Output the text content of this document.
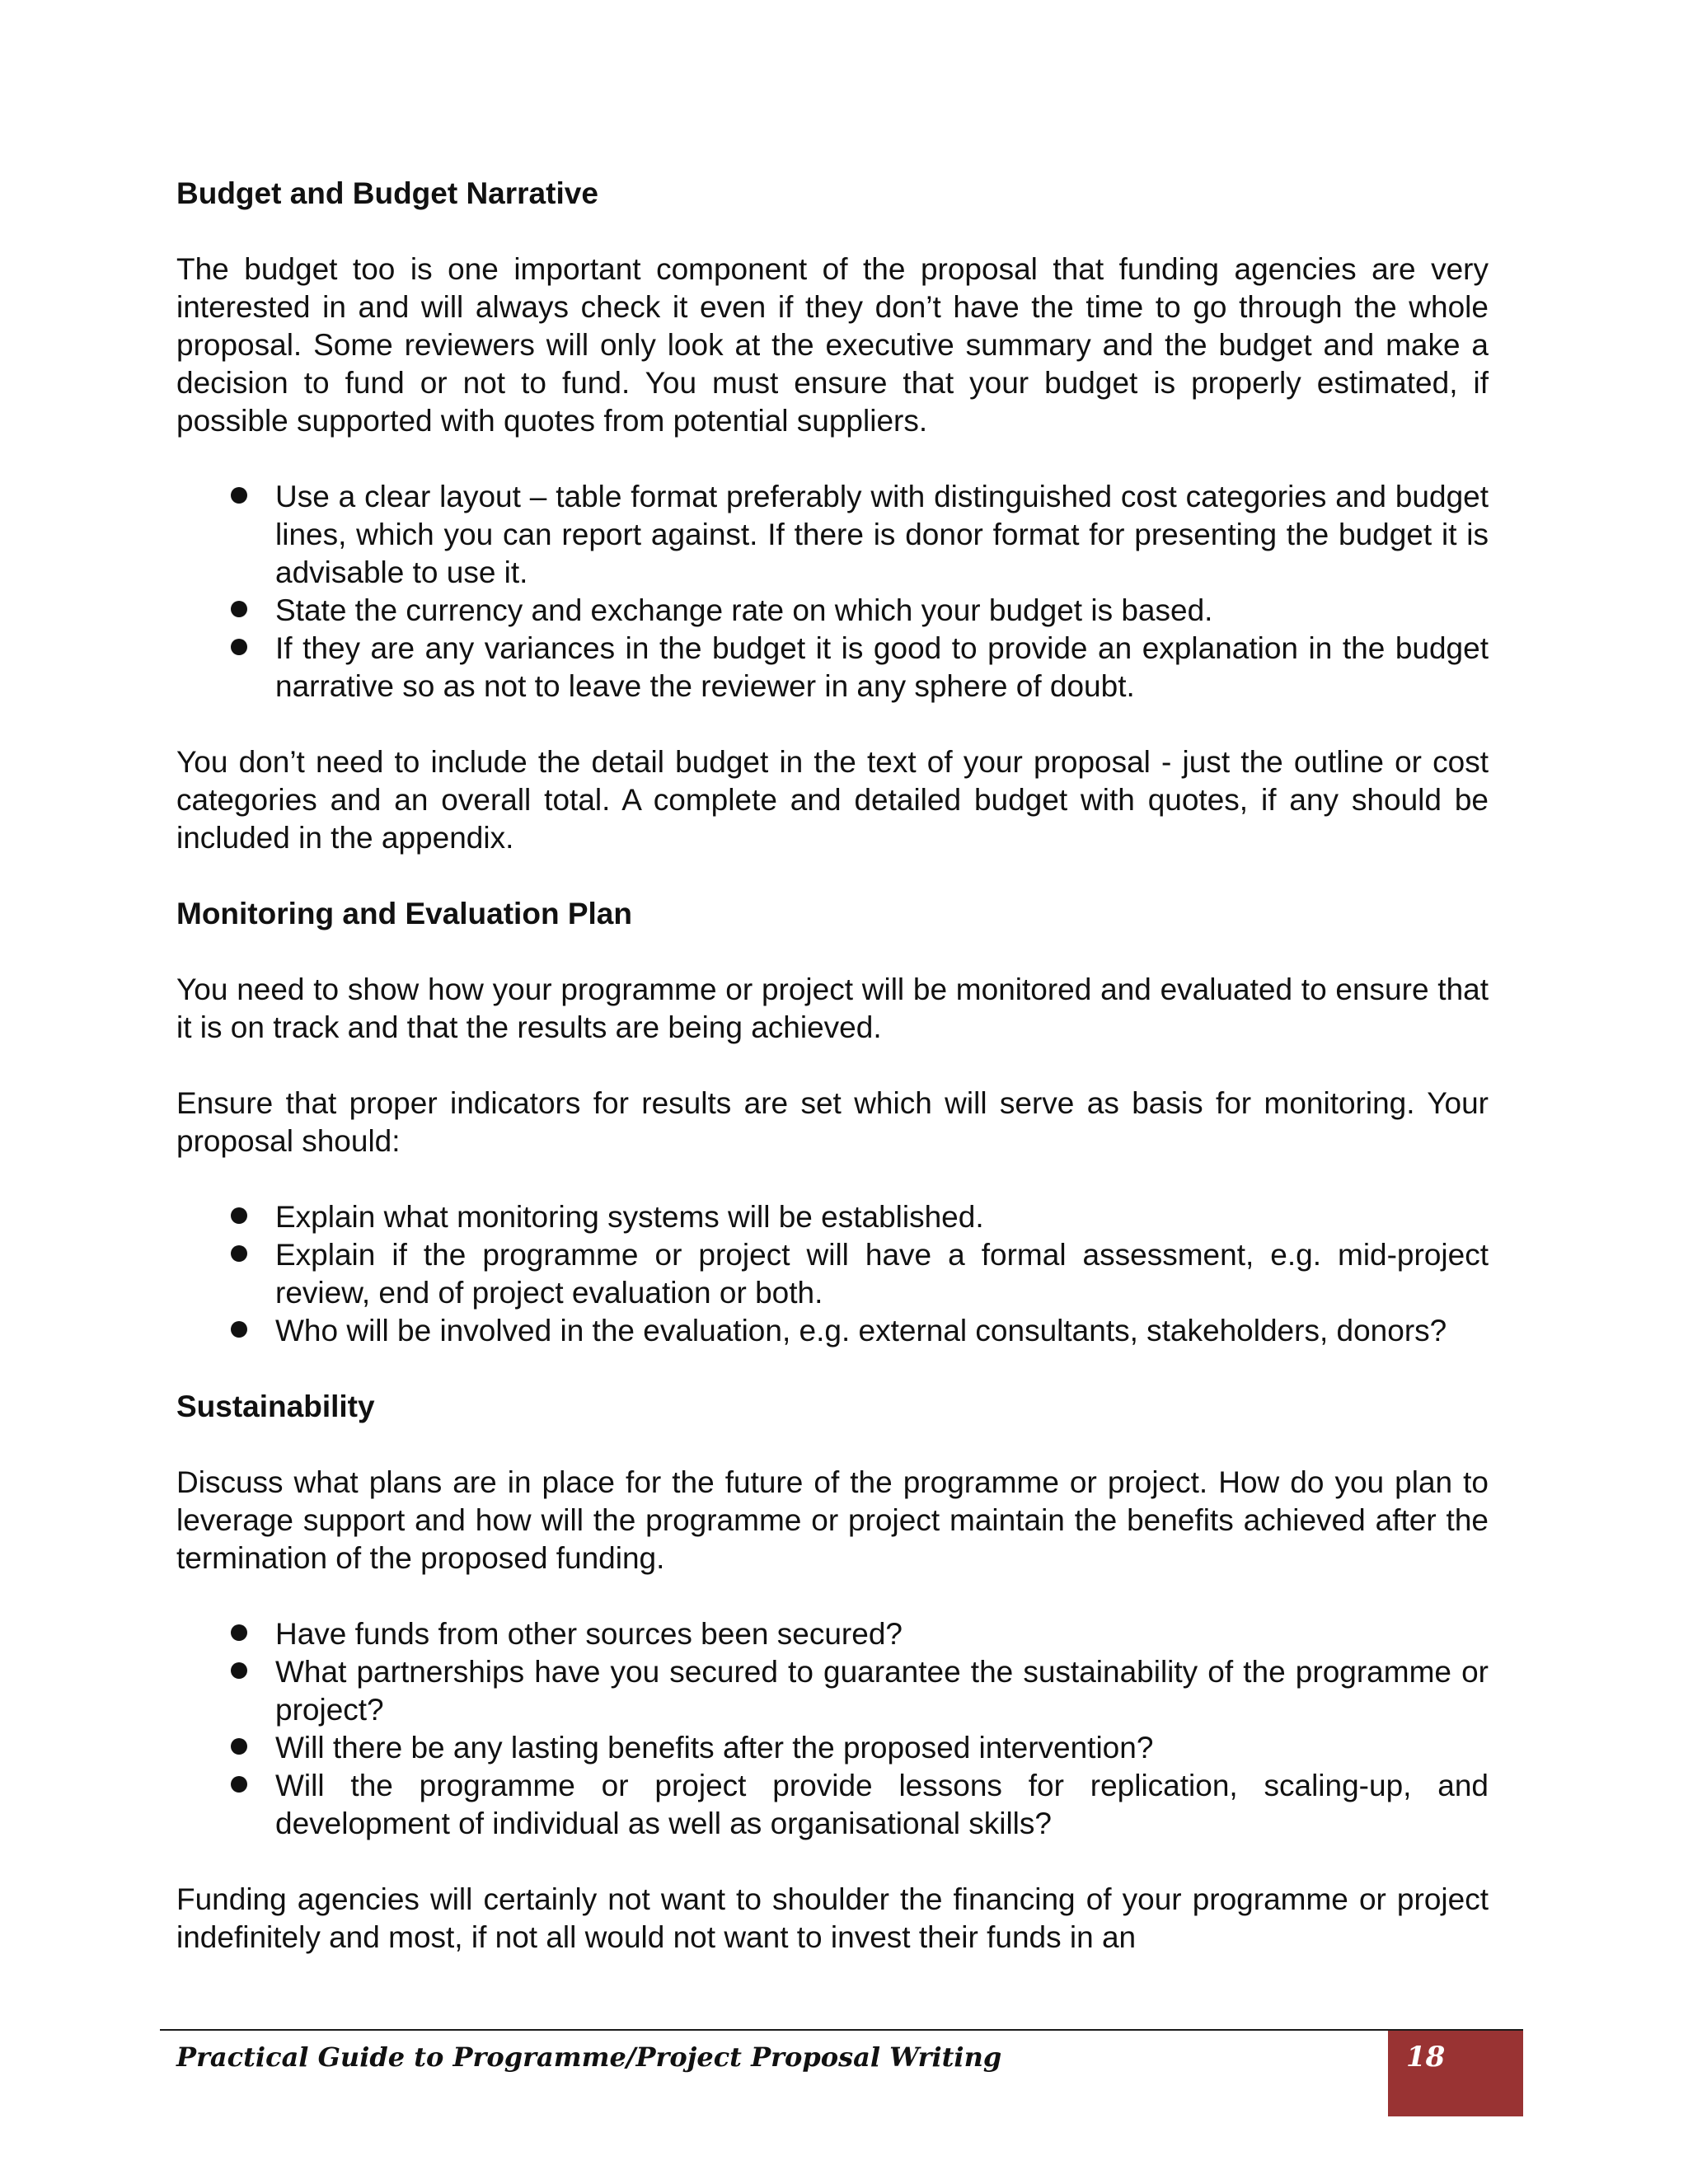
Budget and Budget Narrative

The budget too is one important component of the proposal that funding agencies are very interested in and will always check it even if they don’t have the time to go through the whole proposal. Some reviewers will only look at the executive summary and the budget and make a decision to fund or not to fund. You must ensure that your budget is properly estimated, if possible supported with quotes from potential suppliers.

Use a clear layout – table format preferably with distinguished cost categories and budget lines, which you can report against. If there is donor format for presenting the budget it is advisable to use it.
State the currency and exchange rate on which your budget is based.
If they are any variances in the budget it is good to provide an explanation in the budget narrative so as not to leave the reviewer in any sphere of doubt.

You don’t need to include the detail budget in the text of your proposal - just the outline or cost categories and an overall total. A complete and detailed budget with quotes, if any should be included in the appendix.

Monitoring and Evaluation Plan

You need to show how your programme or project will be monitored and evaluated to ensure that it is on track and that the results are being achieved.

Ensure that proper indicators for results are set which will serve as basis for monitoring. Your proposal should:

Explain what monitoring systems will be established.
Explain if the programme or project will have a formal assessment, e.g. mid-project review, end of project evaluation or both.
Who will be involved in the evaluation, e.g. external consultants, stakeholders, donors?
Sustainability

Discuss what plans are in place for the future of the programme or project. How do you plan to leverage support and how will the programme or project maintain the benefits achieved after the termination of the proposed funding.

Have funds from other sources been secured?
What partnerships have you secured to guarantee the sustainability of the programme or project?
Will there be any lasting benefits after the proposed intervention?
Will the programme or project provide lessons for replication, scaling-up, and development of individual as well as organisational skills?

Funding agencies will certainly not want to shoulder the financing of your programme or project indefinitely and most, if not all would not want to invest their funds in an

Practical Guide to Programme/Project Proposal Writing	18
